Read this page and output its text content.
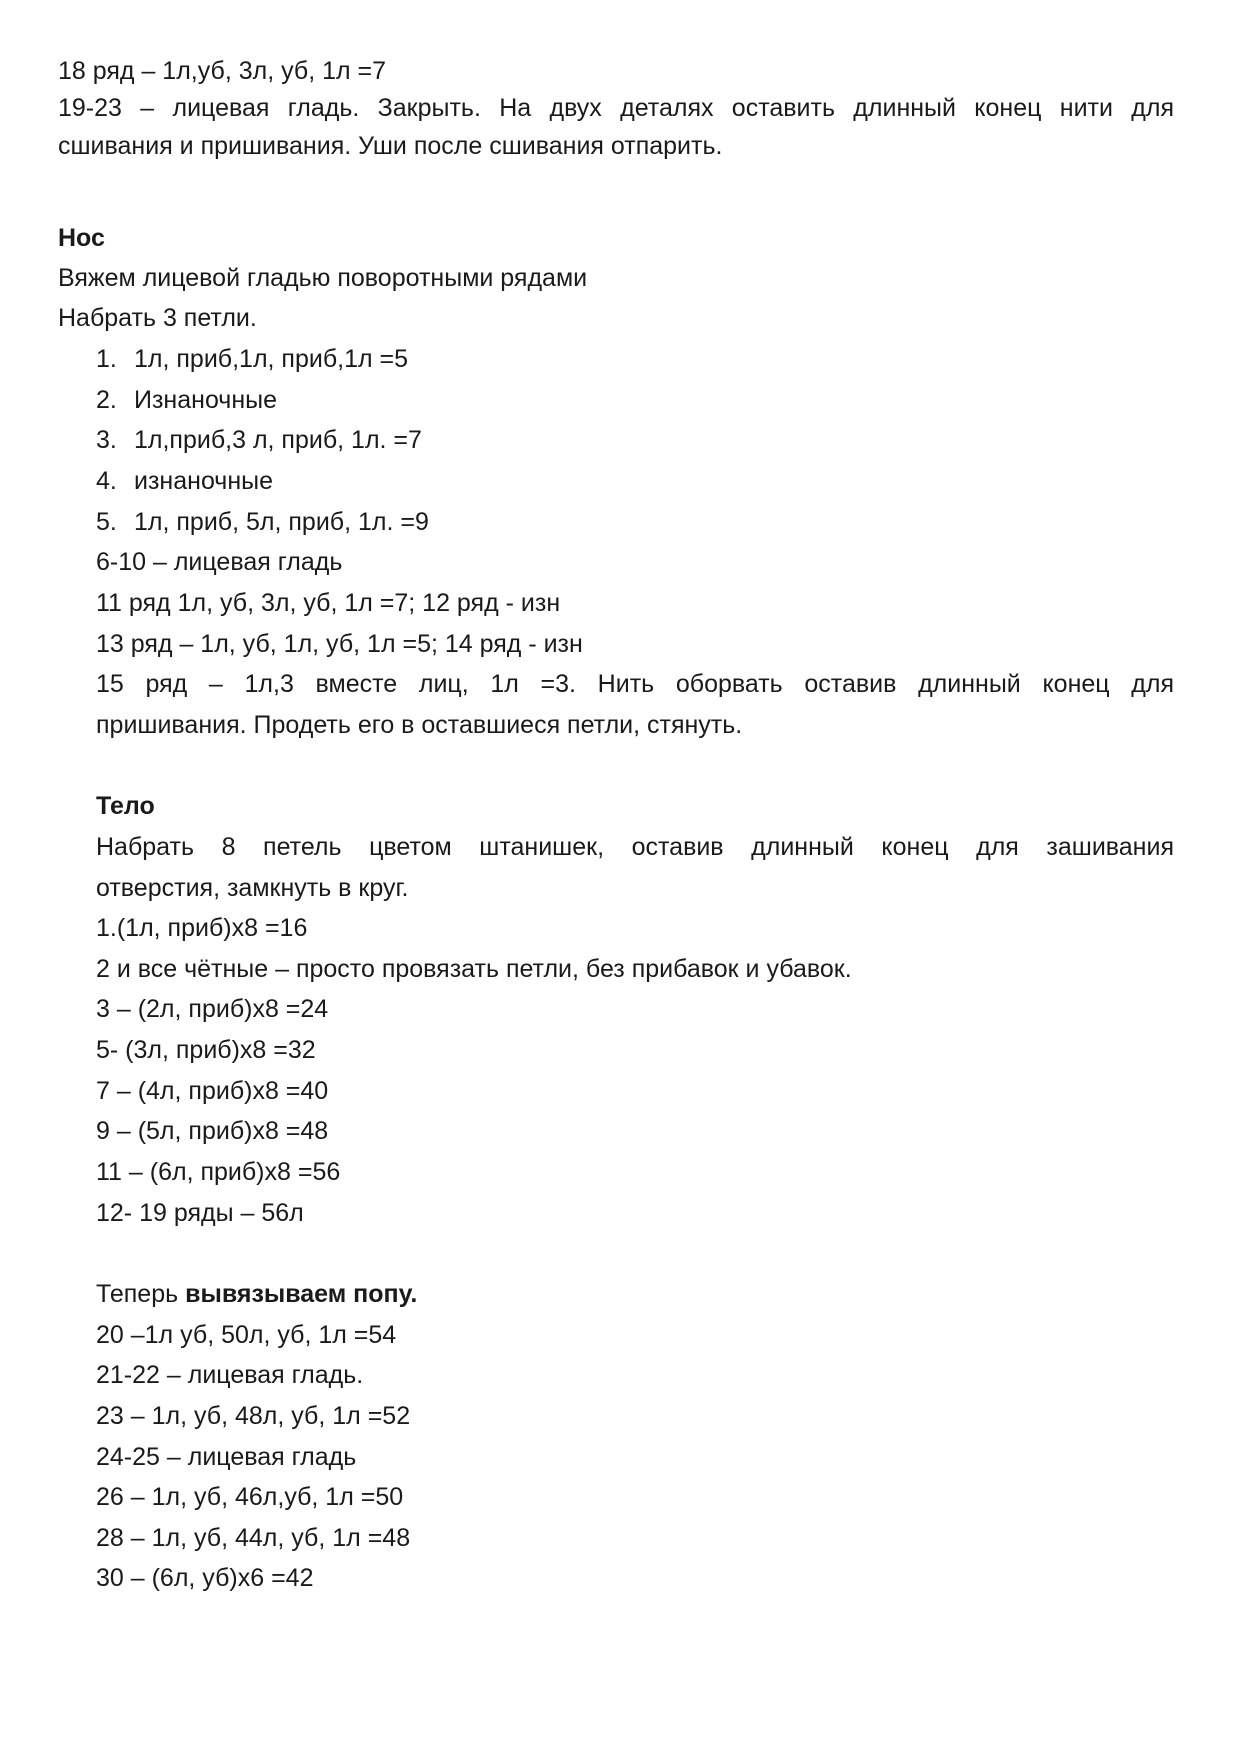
18 ряд – 1л,уб, 3л, уб, 1л =7
19-23 – лицевая гладь. Закрыть. На двух деталях оставить длинный конец нити для
сшивания и пришивания. Уши после сшивания отпарить.
Нос
Вяжем лицевой гладью поворотными рядами
Набрать 3 петли.
1. 1л, приб,1л, приб,1л =5
2. Изнаночные
3. 1л,приб,3 л, приб, 1л. =7
4. изнаночные
5. 1л, приб, 5л, приб, 1л. =9
6-10 – лицевая гладь
11 ряд 1л, уб, 3л, уб, 1л =7; 12 ряд - изн
13 ряд – 1л, уб, 1л, уб, 1л =5; 14 ряд - изн
15 ряд – 1л,3 вместе лиц, 1л =3. Нить оборвать оставив длинный конец для
пришивания. Продеть его в оставшиеся петли, стянуть.
Тело
Набрать 8 петель цветом штанишек, оставив длинный конец для зашивания
отверстия, замкнуть в круг.
1.(1л, приб)х8 =16
2 и все чётные – просто провязать петли, без прибавок и убавок.
3 – (2л, приб)х8 =24
5- (3л, приб)х8 =32
7 – (4л, приб)х8 =40
9 – (5л, приб)х8 =48
11 – (6л, приб)х8 =56
12- 19 ряды – 56л
Теперь вывязываем попу.
20 –1л уб, 50л, уб, 1л =54
21-22 – лицевая гладь.
23 – 1л, уб, 48л, уб, 1л =52
24-25 – лицевая гладь
26 – 1л, уб, 46л,уб, 1л =50
28 – 1л, уб, 44л, уб, 1л =48
30 – (6л, уб)х6 =42
